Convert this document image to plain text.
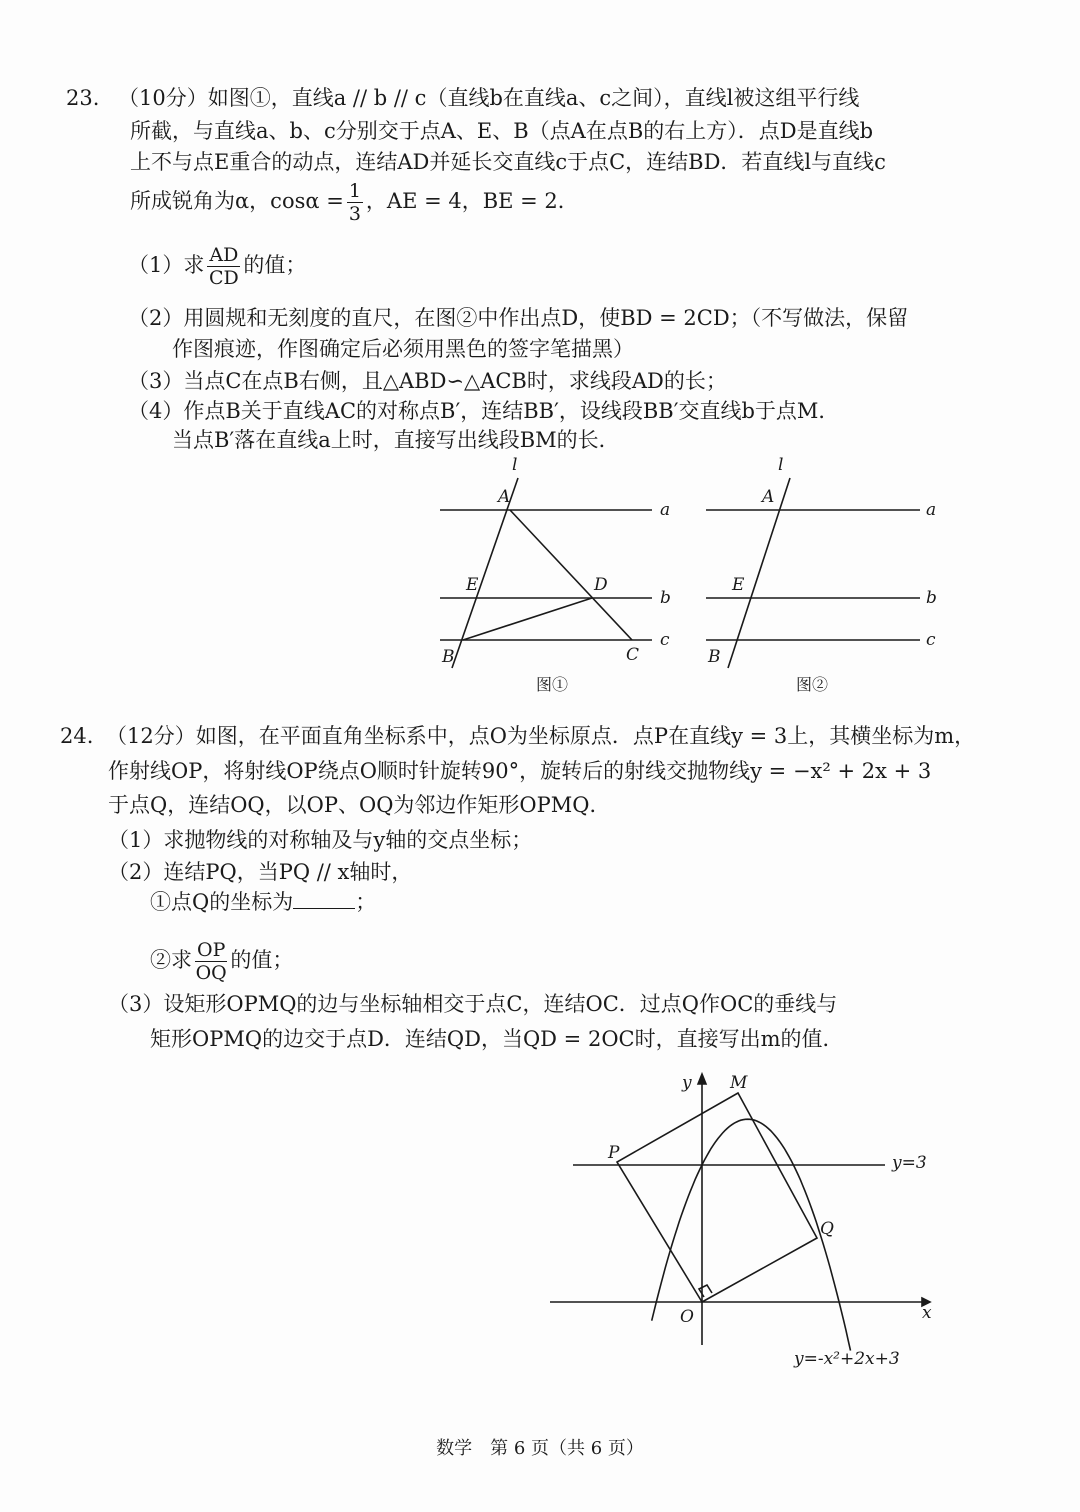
23. （10分）如图①，直线a // b // c（直线b在直线a、c之间），直线l被这组平行线
所截，与直线a、b、c分别交于点A、E、B（点A在点B的右上方）．点D是直线b
上不与点E重合的动点，连结AD并延长交直线c于点C，连结BD．若直线l与直线c
所成锐角为α，$\cos\alpha = \frac{1}{3}$ ，AE = 4，BE = 2．
（1）求 $\frac{AD}{CD}$ 的值；
（2）用圆规和无刻度的直尺，在图②中作出点D，使BD = 2CD；（不写做法，保留
作图痕迹，作图确定后必须用黑色的签字笔描黑）
（3）当点C在点B右侧，且△ABD∽△ACB时，求线段AD的长；
（4）作点B关于直线AC的对称点B′，连结BB′，设线段BB′交直线b于点M．
当点B′落在直线a上时，直接写出线段BM的长．
l
A
a
E	D
b
B	C
c
图①
l
A
a
E
b
B
c
图②
y M
P	y=3
Q
O	x
y=-x²+2x+3
24. （12分）如图，在平面直角坐标系中，点O为坐标原点．点P在直线y = 3上，其横坐标为m，
作射线OP，将射线OP绕点O顺时针旋转90°，旋转后的射线交抛物线y = −x² + 2x + 3
于点Q，连结OQ，以OP、OQ为邻边作矩形OPMQ．
（1）求抛物线的对称轴及与y轴的交点坐标；
（2）连结PQ，当PQ // x轴时，
①点Q的坐标为	；
②求 $\frac{OP}{OQ}$ 的值；
（3）设矩形OPMQ的边与坐标轴相交于点C，连结OC．过点Q作OC的垂线与
矩形OPMQ的边交于点D．连结QD，当QD = 2OC时，直接写出m的值．
数学　第 6 页（共 6 页）
